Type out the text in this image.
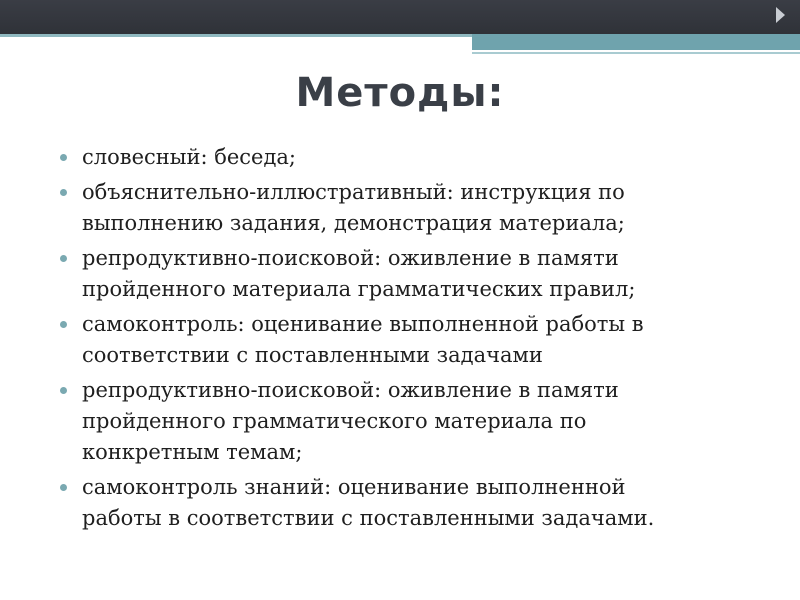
Методы:
словесный: беседа;
объяснительно-иллюстративный: инструкция по
выполнению задания, демонстрация материала;
репродуктивно-поисковой: оживление в памяти
пройденного материала грамматических правил;
самоконтроль: оценивание выполненной работы в
соответствии с поставленными задачами
репродуктивно-поисковой: оживление в памяти
пройденного грамматического материала по
конкретным темам;
самоконтроль знаний: оценивание выполненной
работы в соответствии с поставленными задачами.
